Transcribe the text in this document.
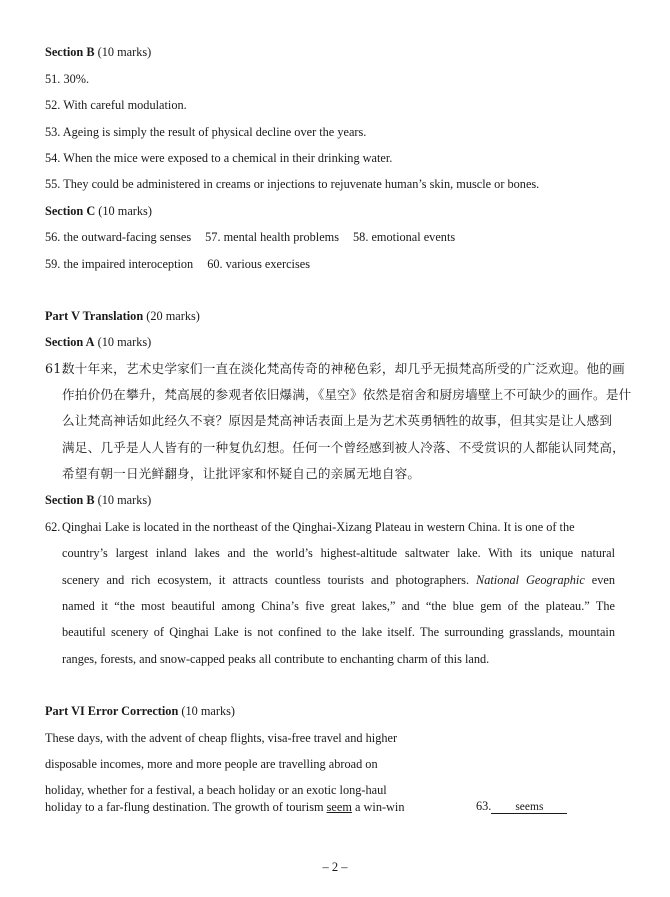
Section B (10 marks)
51. 30%.
52. With careful modulation.
53. Ageing is simply the result of physical decline over the years.
54. When the mice were exposed to a chemical in their drinking water.
55. They could be administered in creams or injections to rejuvenate human’s skin, muscle or bones.
Section C (10 marks)
56. the outward-facing senses 57. mental health problems 58. emotional events
59. the impaired interoception 60. various exercises
Part V Translation (20 marks)
Section A (10 marks)
61.数十年来，艺术史学家们一直在淡化梵高传奇的神秘色彩，却几乎无损梵高所受的广泛欢迎。他的画
作拍价仍在攀升，梵高展的参观者依旧爆满，《星空》依然是宿舍和厨房墙壁上不可缺少的画作。是什
么让梵高神话如此经久不衰？原因是梵高神话表面上是为艺术英勇牺牲的故事，但其实是让人感到
满足、几乎是人人皆有的一种复仇幻想。任何一个曾经感到被人冷落、不受赏识的人都能认同梵高，
希望有朝一日光鲜翻身，让批评家和怀疑自己的亲属无地自容。
Section B (10 marks)
62. Qinghai Lake is located in the northeast of the Qinghai-Xizang Plateau in western China. It is one of the
country’s largest inland lakes and the world’s highest-altitude saltwater lake. With its unique natural
scenery and rich ecosystem, it attracts countless tourists and photographers. National Geographic even
named it “the most beautiful among China’s five great lakes,” and “the blue gem of the plateau.” The
beautiful scenery of Qinghai Lake is not confined to the lake itself. The surrounding grasslands, mountain
ranges, forests, and snow-capped peaks all contribute to enchanting charm of this land.
Part VI Error Correction (10 marks)
These days, with the advent of cheap flights, visa-free travel and higher
disposable incomes, more and more people are travelling abroad on
holiday, whether for a festival, a beach holiday or an exotic long-haul
holiday to a far-flung destination. The growth of tourism seem a win-win	63. seems
– 2 –
